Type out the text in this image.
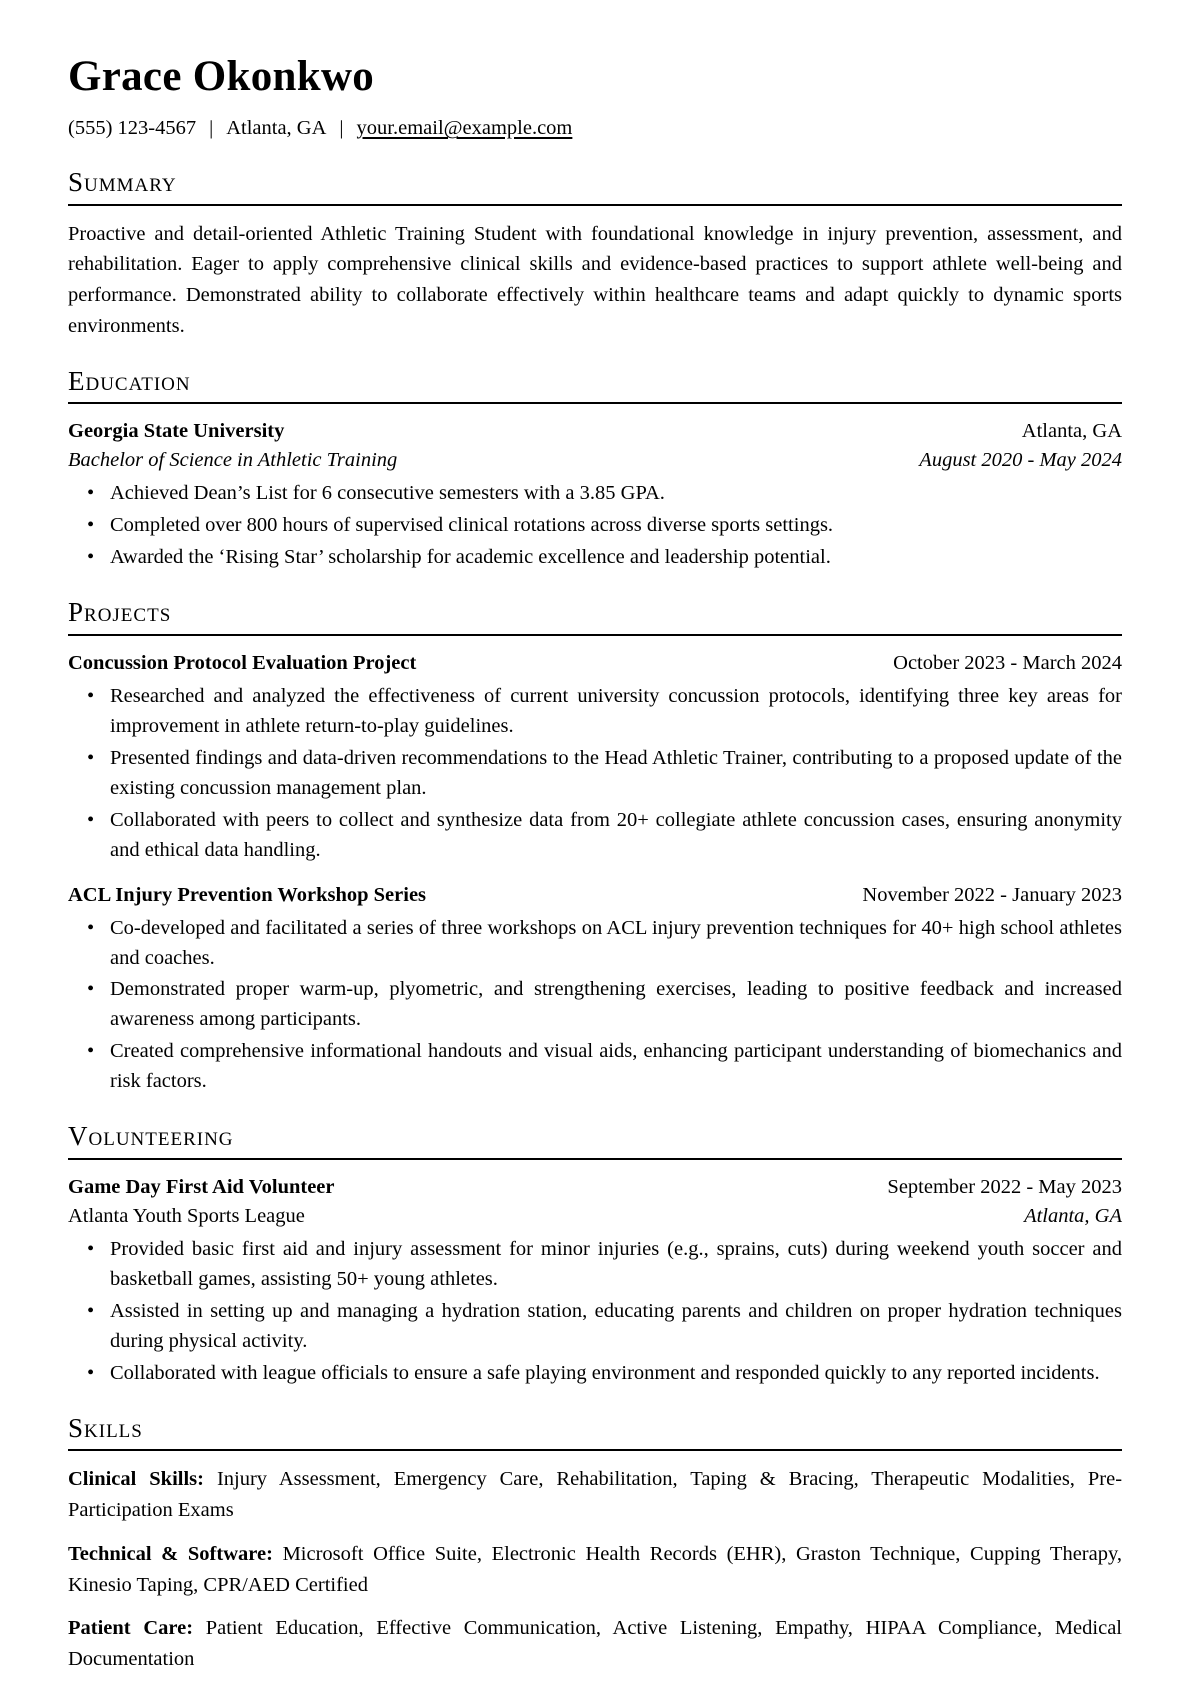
Grace Okonkwo
(555) 123-4567 | Atlanta, GA | your.email@example.com
Summary

Proactive and detail-oriented Athletic Training Student with foundational knowledge in injury prevention, assessment, and rehabilitation. Eager to apply comprehensive clinical skills and evidence-based practices to support athlete well-being and performance. Demonstrated ability to collaborate effectively within healthcare teams and adapt quickly to dynamic sports environments.

Education
Georgia State University	Atlanta, GA
Bachelor of Science in Athletic Training	August 2020 - May 2024
• Achieved Dean’s List for 6 consecutive semesters with a 3.85 GPA.
• Completed over 800 hours of supervised clinical rotations across diverse sports settings.
• Awarded the ‘Rising Star’ scholarship for academic excellence and leadership potential.
Projects
Concussion Protocol Evaluation Project	October 2023 - March 2024
• Researched and analyzed the effectiveness of current university concussion protocols, identifying three key areas for improvement in athlete return-to-play guidelines.
• Presented findings and data-driven recommendations to the Head Athletic Trainer, contributing to a proposed update of the existing concussion management plan.
• Collaborated with peers to collect and synthesize data from 20+ collegiate athlete concussion cases, ensuring anonymity and ethical data handling.
ACL Injury Prevention Workshop Series	November 2022 - January 2023
• Co-developed and facilitated a series of three workshops on ACL injury prevention techniques for 40+ high school athletes and coaches.
• Demonstrated proper warm-up, plyometric, and strengthening exercises, leading to positive feedback and increased awareness among participants.
• Created comprehensive informational handouts and visual aids, enhancing participant understanding of biomechanics and risk factors.
Volunteering
Game Day First Aid Volunteer	September 2022 - May 2023
Atlanta Youth Sports League	Atlanta, GA
• Provided basic first aid and injury assessment for minor injuries (e.g., sprains, cuts) during weekend youth soccer and basketball games, assisting 50+ young athletes.
• Assisted in setting up and managing a hydration station, educating parents and children on proper hydration techniques during physical activity.
• Collaborated with league officials to ensure a safe playing environment and responded quickly to any reported incidents.
Skills

Clinical Skills: Injury Assessment, Emergency Care, Rehabilitation, Taping & Bracing, Therapeutic Modalities, Pre-Participation Exams

Technical & Software: Microsoft Office Suite, Electronic Health Records (EHR), Graston Technique, Cupping Therapy, Kinesio Taping, CPR/AED Certified

Patient Care: Patient Education, Effective Communication, Active Listening, Empathy, HIPAA Compliance, Medical Documentation
